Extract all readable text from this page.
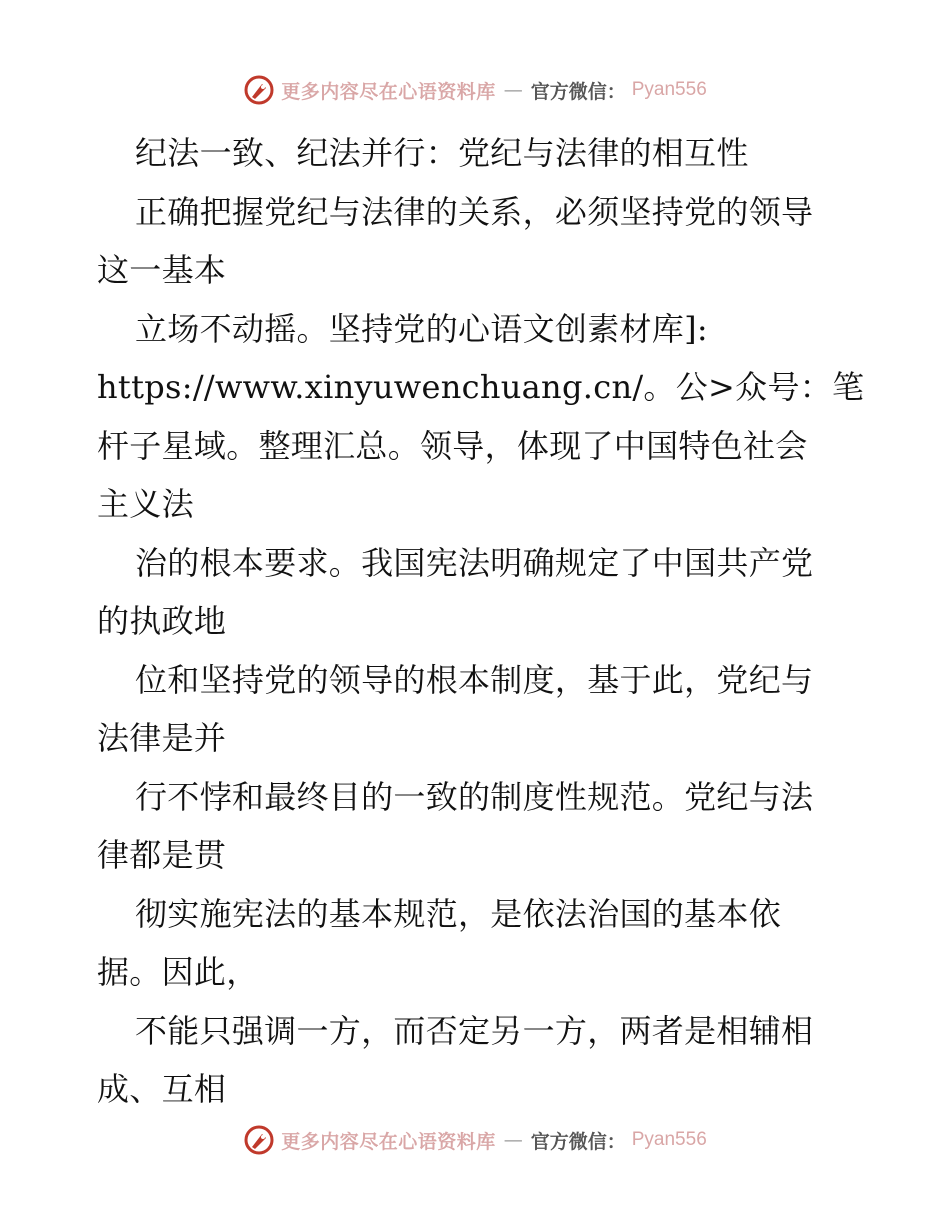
更多内容尽在心语资料库 — 官方微信： Pyan556
纪法一致、纪法并行：党纪与法律的相互性
正确把握党纪与法律的关系，必须坚持党的领导
这一基本
立场不动摇。坚持党的心语文创素材库]:
https://www.xinyuwenchuang.cn/。公>众号：笔
杆子星域。整理汇总。领导，体现了中国特色社会
主义法
治的根本要求。我国宪法明确规定了中国共产党
的执政地
位和坚持党的领导的根本制度，基于此，党纪与
法律是并
行不悖和最终目的一致的制度性规范。党纪与法
律都是贯
彻实施宪法的基本规范，是依法治国的基本依
据。因此，
不能只强调一方，而否定另一方，两者是相辅相
成、互相
更多内容尽在心语资料库 — 官方微信： Pyan556
